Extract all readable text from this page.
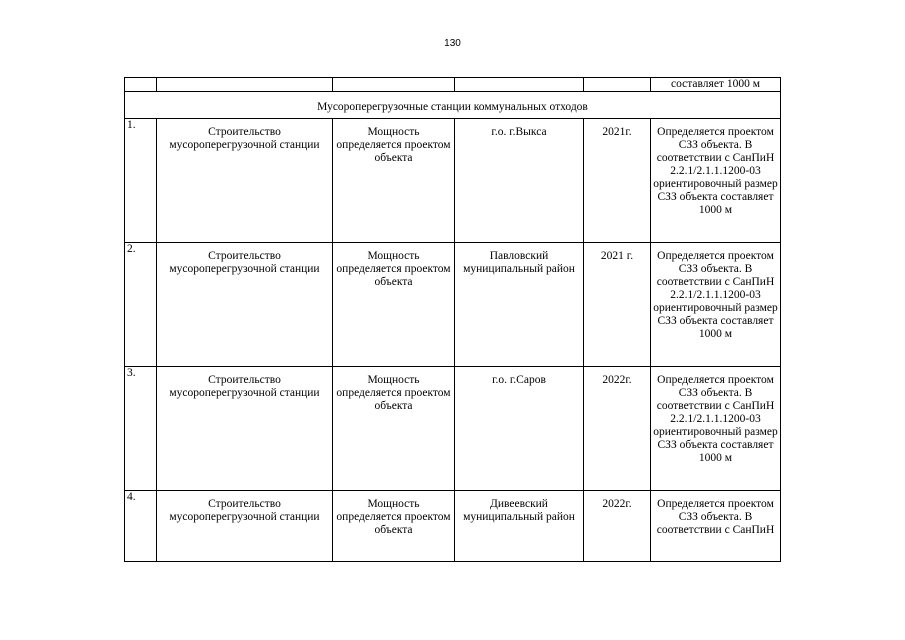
130
					составляет 1000 м

Мусороперегрузочные станции коммунальных отходов					

1.	Строительство мусороперегрузочной станции	Мощность определяется проектом объекта	г.о. г.Выкса	2021г.	Определяется проектом СЗЗ объекта. В соответствии с СанПиН 2.2.1/2.1.1.1200-03 ориентировочный размер СЗЗ объекта составляет 1000 м
2.	Строительство мусороперегрузочной станции	Мощность определяется проектом объекта	Павловский муниципальный район	2021 г.	Определяется проектом СЗЗ объекта. В соответствии с СанПиН 2.2.1/2.1.1.1200-03 ориентировочный размер СЗЗ объекта составляет 1000 м
3.	Строительство мусороперегрузочной станции	Мощность определяется проектом объекта	г.о. г.Саров	2022г.	Определяется проектом СЗЗ объекта. В соответствии с СанПиН 2.2.1/2.1.1.1200-03 ориентировочный размер СЗЗ объекта составляет 1000 м
4.	Строительство мусороперегрузочной станции	Мощность определяется проектом объекта	Дивеевский муниципальный район	2022г.	Определяется проектом СЗЗ объекта. В соответствии с СанПиН
